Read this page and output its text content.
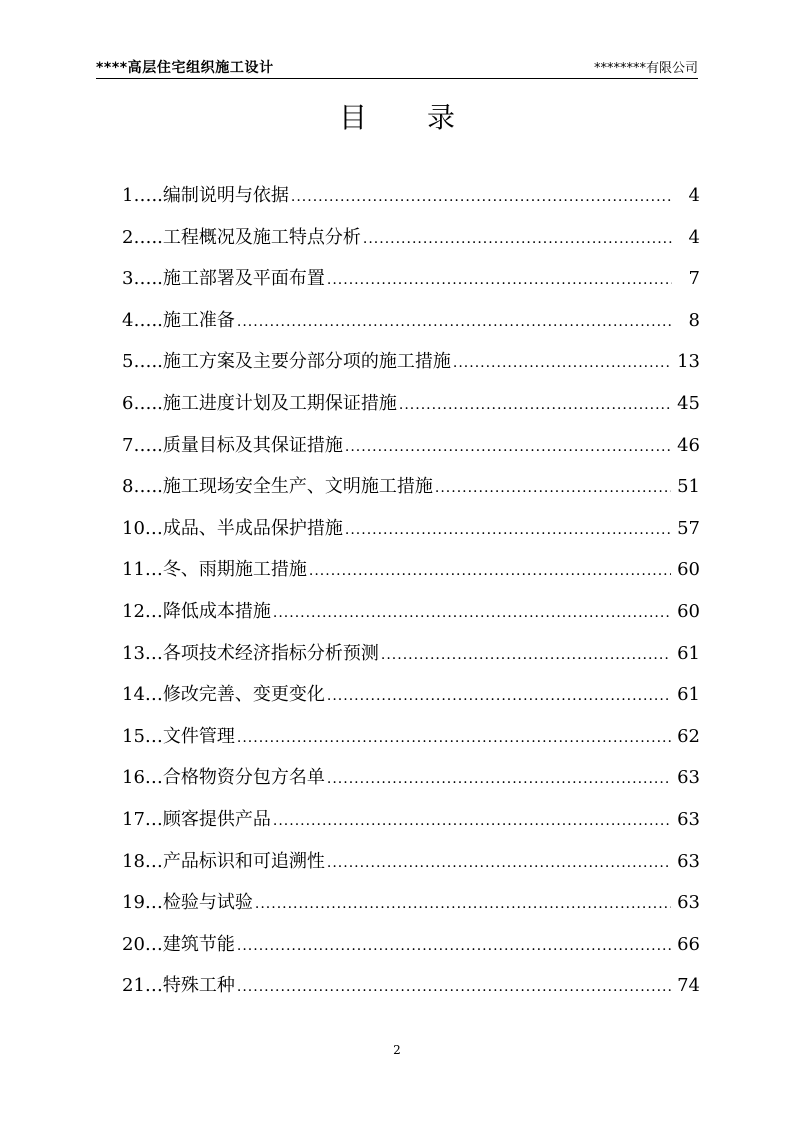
****高层住宅组织施工设计	********有限公司
目录
1…..编制说明与依据 .....	4
2…..工程概况及施工特点分析 .....	4
3…..施工部署及平面布置 .....	7
4…..施工准备 .....	8
5…..施工方案及主要分部分项的施工措施 .....	13
6…..施工进度计划及工期保证措施 .....	45
7…..质量目标及其保证措施 .....	46
8…..施工现场安全生产、文明施工措施 .....	51
10…成品、半成品保护措施 .....	57
11…冬、雨期施工措施 .....	60
12…降低成本措施 .....	60
13…各项技术经济指标分析预测 .....	61
14…修改完善、变更变化 .....	61
15…文件管理 .....	62
16…合格物资分包方名单 .....	63
17…顾客提供产品 .....	63
18…产品标识和可追溯性 .....	63
19…检验与试验 .....	63
20…建筑节能 .....	66
21…特殊工种 .....	74
2
